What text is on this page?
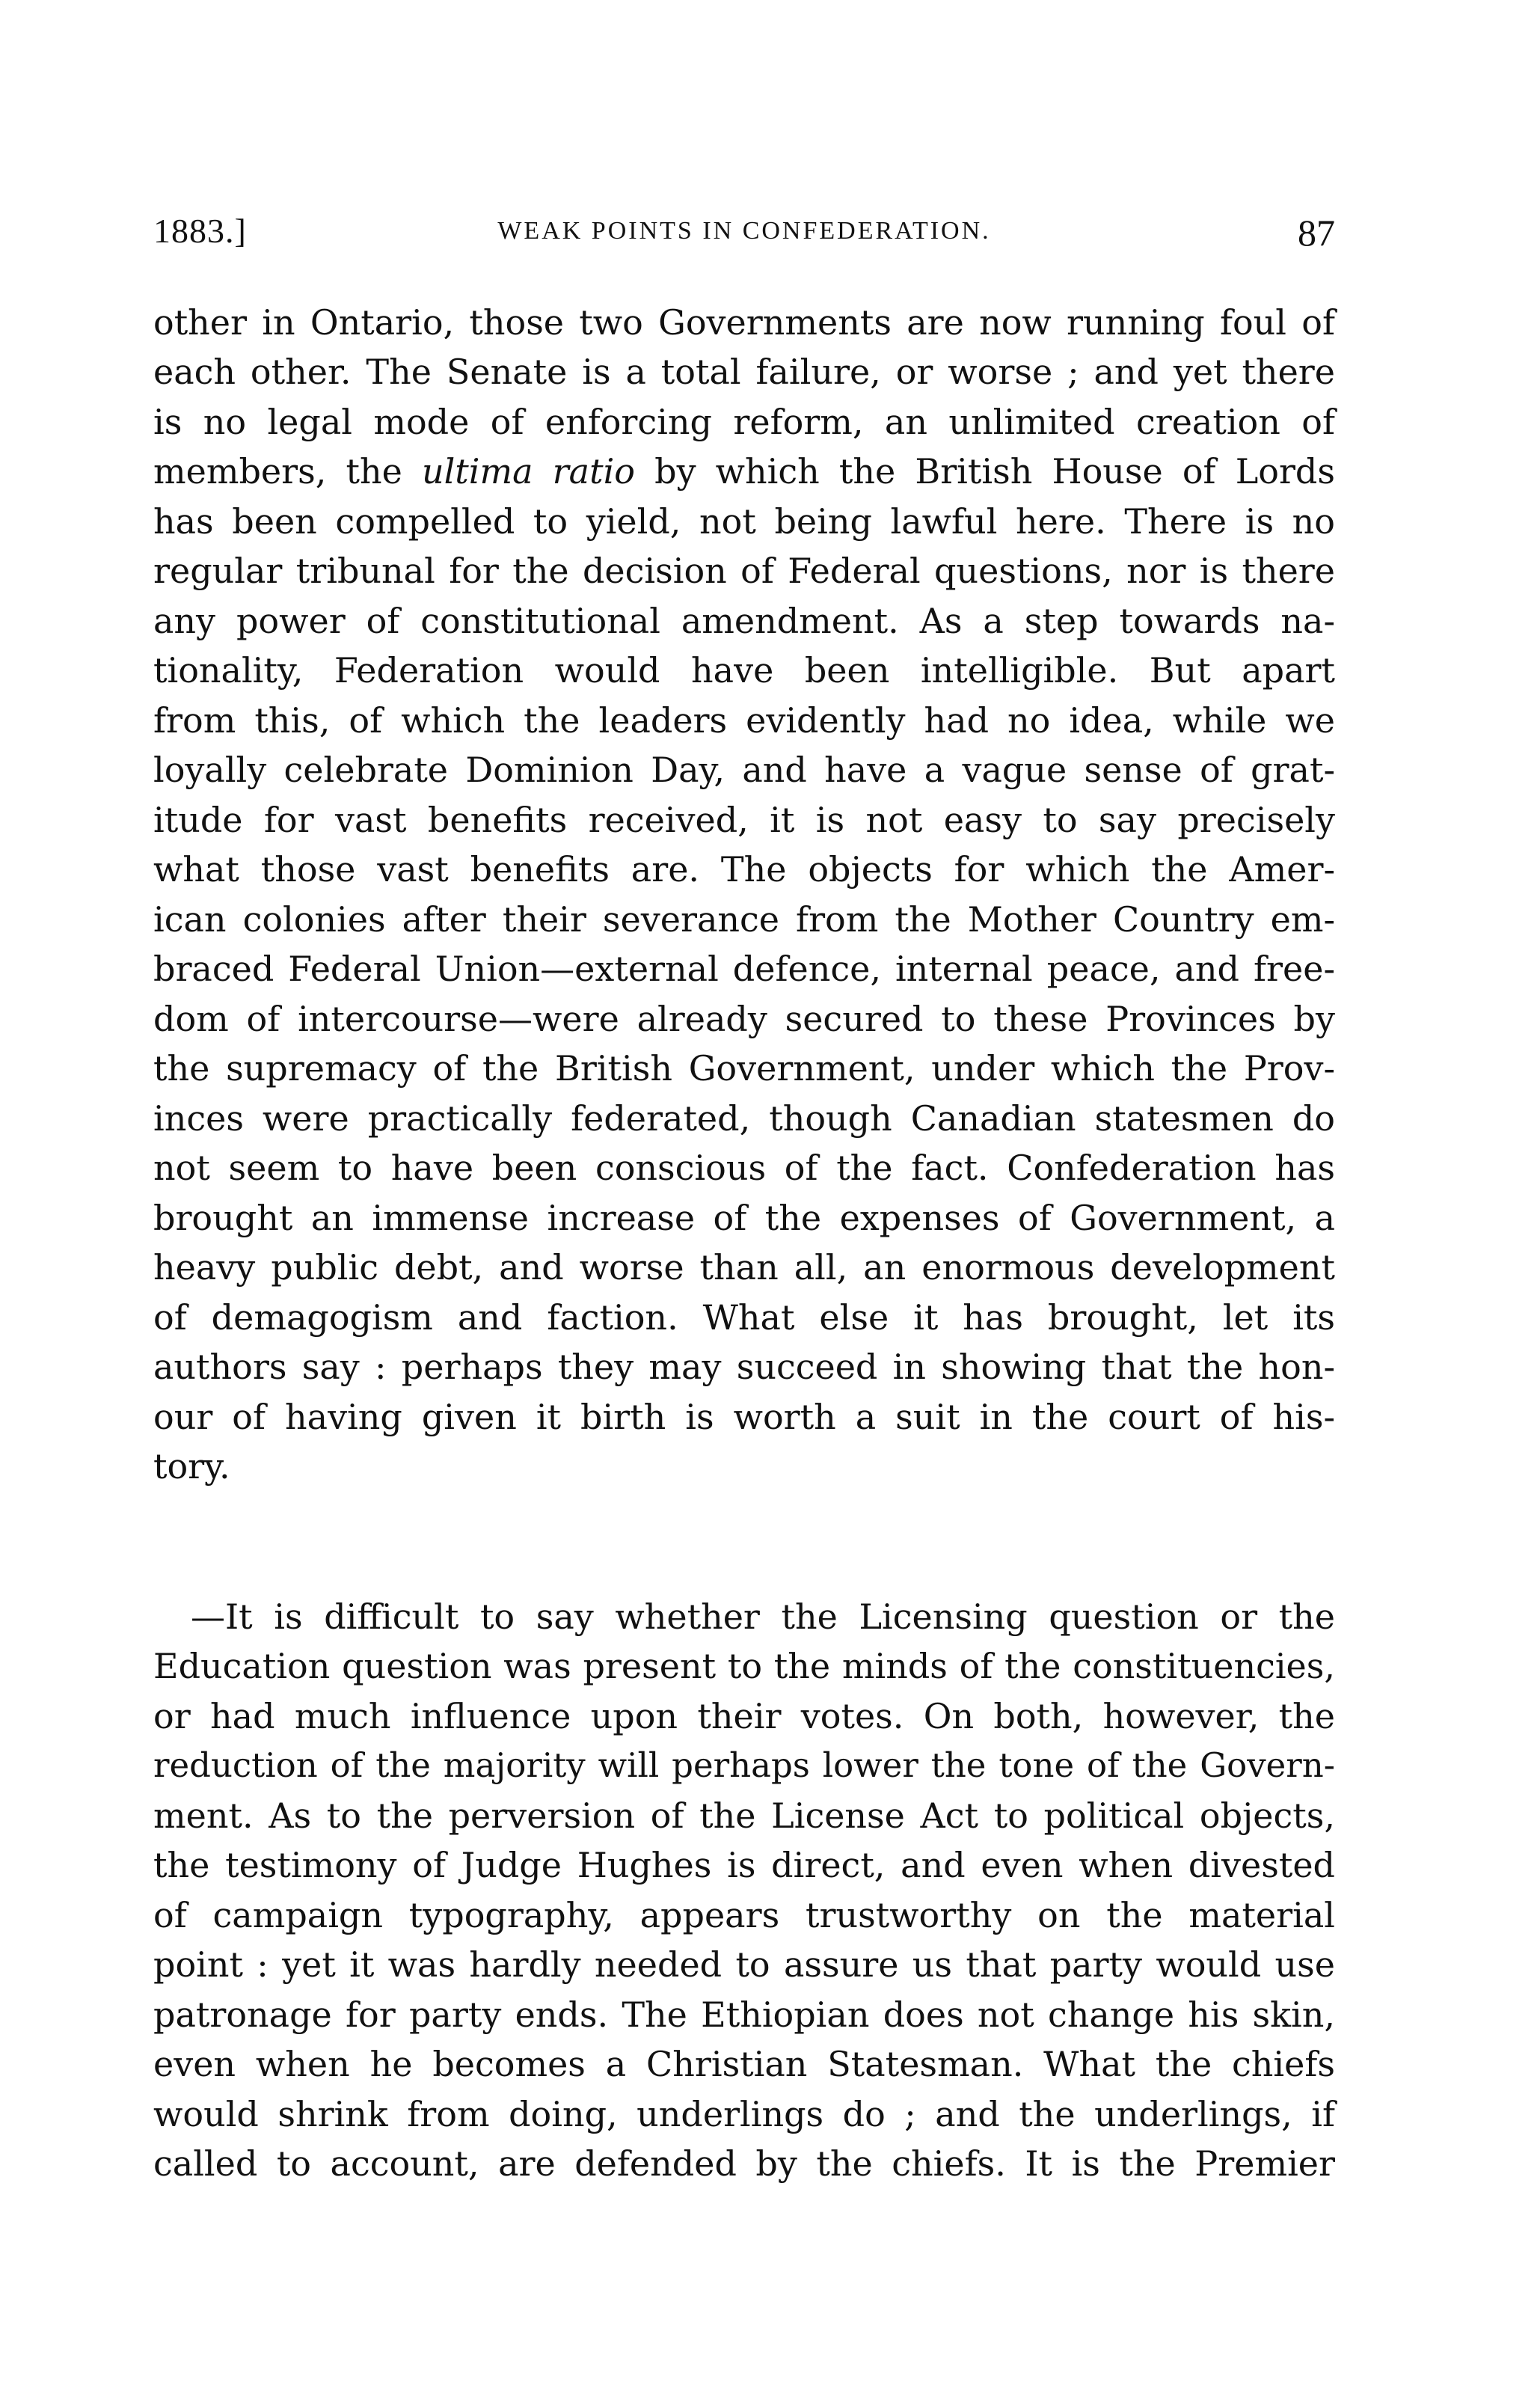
1883.]	WEAK POINTS IN CONFEDERATION.	87
other in Ontario, those two Governments are now running foul of
each other. The Senate is a total failure, or worse ; and yet there
is no legal mode of enforcing reform, an unlimited creation of
members, the ultima ratio by which the British House of Lords
has been compelled to yield, not being lawful here. There is no
regular tribunal for the decision of Federal questions, nor is there
any power of constitutional amendment. As a step towards na-
tionality, Federation would have been intelligible. But apart
from this, of which the leaders evidently had no idea, while we
loyally celebrate Dominion Day, and have a vague sense of grat-
itude for vast benefits received, it is not easy to say precisely
what those vast benefits are. The objects for which the Amer-
ican colonies after their severance from the Mother Country em-
braced Federal Union—external defence, internal peace, and free-
dom of intercourse—were already secured to these Provinces by
the supremacy of the British Government, under which the Prov-
inces were practically federated, though Canadian statesmen do
not seem to have been conscious of the fact. Confederation has
brought an immense increase of the expenses of Government, a
heavy public debt, and worse than all, an enormous development
of demagogism and faction. What else it has brought, let its
authors say : perhaps they may succeed in showing that the hon-
our of having given it birth is worth a suit in the court of his-
tory.
—It is difficult to say whether the Licensing question or the
Education question was present to the minds of the constituencies,
or had much influence upon their votes. On both, however, the
reduction of the majority will perhaps lower the tone of the Govern-
ment. As to the perversion of the License Act to political objects,
the testimony of Judge Hughes is direct, and even when divested
of campaign typography, appears trustworthy on the material
point : yet it was hardly needed to assure us that party would use
patronage for party ends. The Ethiopian does not change his skin,
even when he becomes a Christian Statesman. What the chiefs
would shrink from doing, underlings do ; and the underlings, if
called to account, are defended by the chiefs. It is the Premier
